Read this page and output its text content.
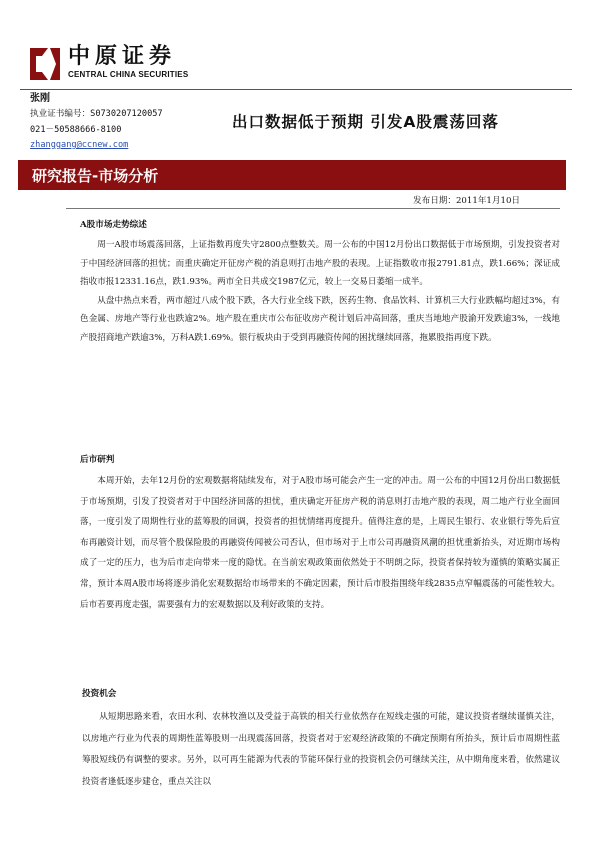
中原证券
CENTRAL CHINA SECURITIES
张刚
执业证书编号：S0730207120057
021－50588666-8100
zhanggang@ccnew.com
出口数据低于预期 引发A股震荡回落
研究报告-市场分析
发布日期：2011年1月10日
A股市场走势综述

周一A股市场震荡回落，上证指数再度失守2800点整数关。周一公布的中国12月份出口数据低于市场预期，引发投资者对于中国经济回落的担忧；而重庆确定开征房产税的消息则打击地产股的表现。上证指数收市报2791.81点，跌1.66%；深证成指收市报12331.16点，跌1.93%。两市全日共成交1987亿元，较上一交易日萎缩一成半。

从盘中热点来看，两市超过八成个股下跌，各大行业全线下跌，医药生物、食品饮料、计算机三大行业跌幅均超过3%，有色金属、房地产等行业也跌逾2%。地产股在重庆市公布征收房产税计划后冲高回落，重庆当地地产股渝开发跌逾3%，一线地产股招商地产跌逾3%，万科A跌1.69%。银行板块由于受到再融资传闻的困扰继续回落，拖累股指再度下跌。

后市研判

本周开始，去年12月份的宏观数据将陆续发布，对于A股市场可能会产生一定的冲击。周一公布的中国12月份出口数据低于市场预期，引发了投资者对于中国经济回落的担忧，重庆确定开征房产税的消息则打击地产股的表现，周二地产行业全面回落，一度引发了周期性行业的蓝筹股的回调，投资者的担忧情绪再度提升。值得注意的是，上周民生银行、农业银行等先后宣布再融资计划，而尽管个股保险股的再融资传闻被公司否认，但市场对于上市公司再融资风潮的担忧重新抬头，对近期市场构成了一定的压力，也为后市走向带来一度的隐忧。在当前宏观政策面依然处于不明朗之际，投资者保持较为谨慎的策略实属正常，预计本周A股市场将逐步消化宏观数据给市场带来的不确定因素，预计后市股指围绕年线2835点窄幅震荡的可能性较大。后市若要再度走强，需要强有力的宏观数据以及利好政策的支持。

投资机会

从短期思路来看，农田水利、农林牧渔以及受益于高铁的相关行业依然存在短线走强的可能，建议投资者继续谨慎关注，以房地产行业为代表的周期性蓝筹股则一出现震荡回落，投资者对于宏观经济政策的不确定预期有所抬头，预计后市周期性蓝筹股短线仍有调整的要求。另外，以可再生能源为代表的节能环保行业的投资机会仍可继续关注，从中期角度来看，依然建议投资者逢低逐步建仓，重点关注以
